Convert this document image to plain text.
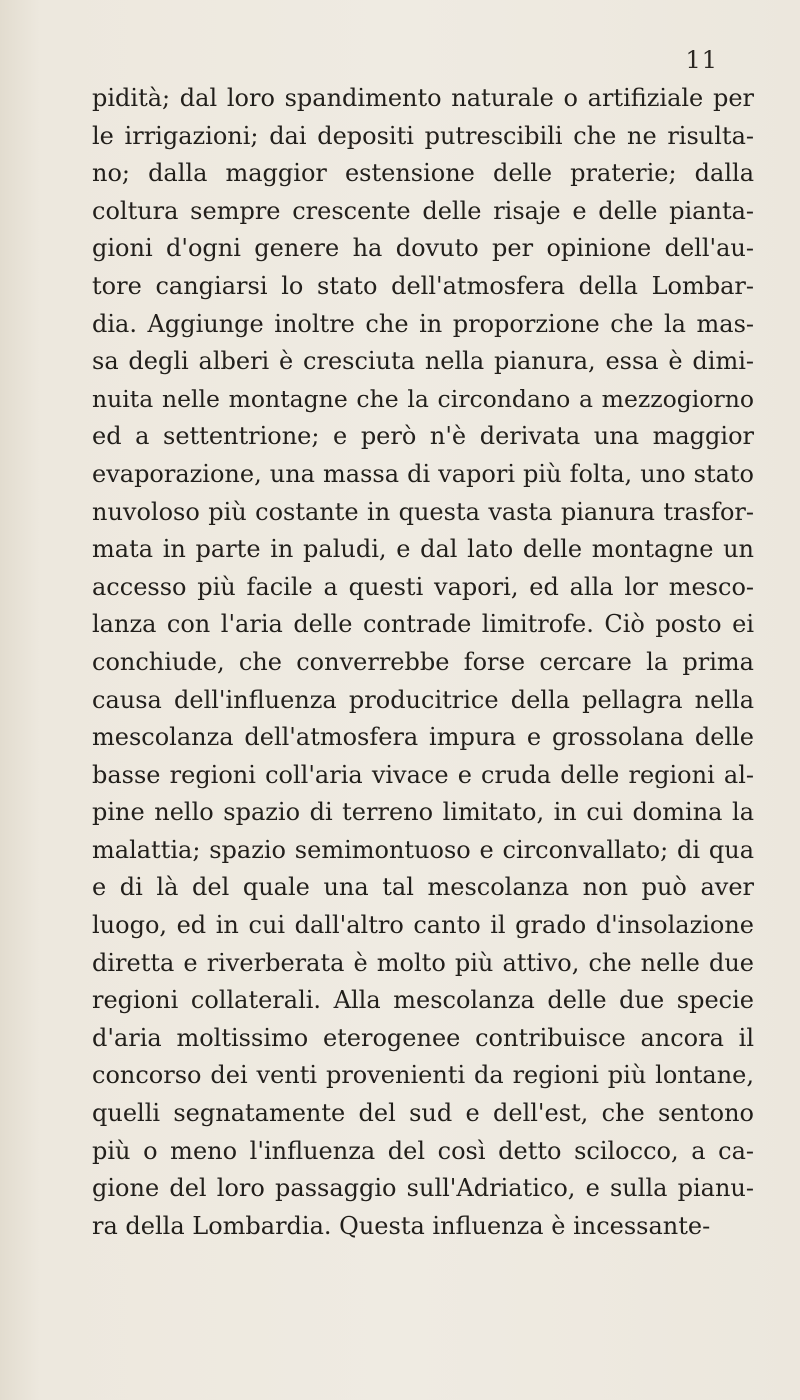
11
pidità; dal loro spandimento naturale o artifiziale per
le irrigazioni; dai depositi putrescibili che ne risulta-
no; dalla maggior estensione delle praterie; dalla
coltura sempre crescente delle risaje e delle pianta-
gioni d'ogni genere ha dovuto per opinione dell'au-
tore cangiarsi lo stato dell'atmosfera della Lombar-
dia. Aggiunge inoltre che in proporzione che la mas-
sa degli alberi è cresciuta nella pianura, essa è dimi-
nuita nelle montagne che la circondano a mezzogiorno
ed a settentrione; e però n'è derivata una maggior
evaporazione, una massa di vapori più folta, uno stato
nuvoloso più costante in questa vasta pianura trasfor-
mata in parte in paludi, e dal lato delle montagne un
accesso più facile a questi vapori, ed alla lor mesco-
lanza con l'aria delle contrade limitrofe. Ciò posto ei
conchiude, che converrebbe forse cercare la prima
causa dell'influenza producitrice della pellagra nella
mescolanza dell'atmosfera impura e grossolana delle
basse regioni coll'aria vivace e cruda delle regioni al-
pine nello spazio di terreno limitato, in cui domina la
malattia; spazio semimontuoso e circonvallato; di qua
e di là del quale una tal mescolanza non può aver
luogo, ed in cui dall'altro canto il grado d'insolazione
diretta e riverberata è molto più attivo, che nelle due
regioni collaterali. Alla mescolanza delle due specie
d'aria moltissimo eterogenee contribuisce ancora il
concorso dei venti provenienti da regioni più lontane,
quelli segnatamente del sud e dell'est, che sentono
più o meno l'influenza del così detto scilocco, a ca-
gione del loro passaggio sull'Adriatico, e sulla pianu-
ra della Lombardia. Questa influenza è incessante-
